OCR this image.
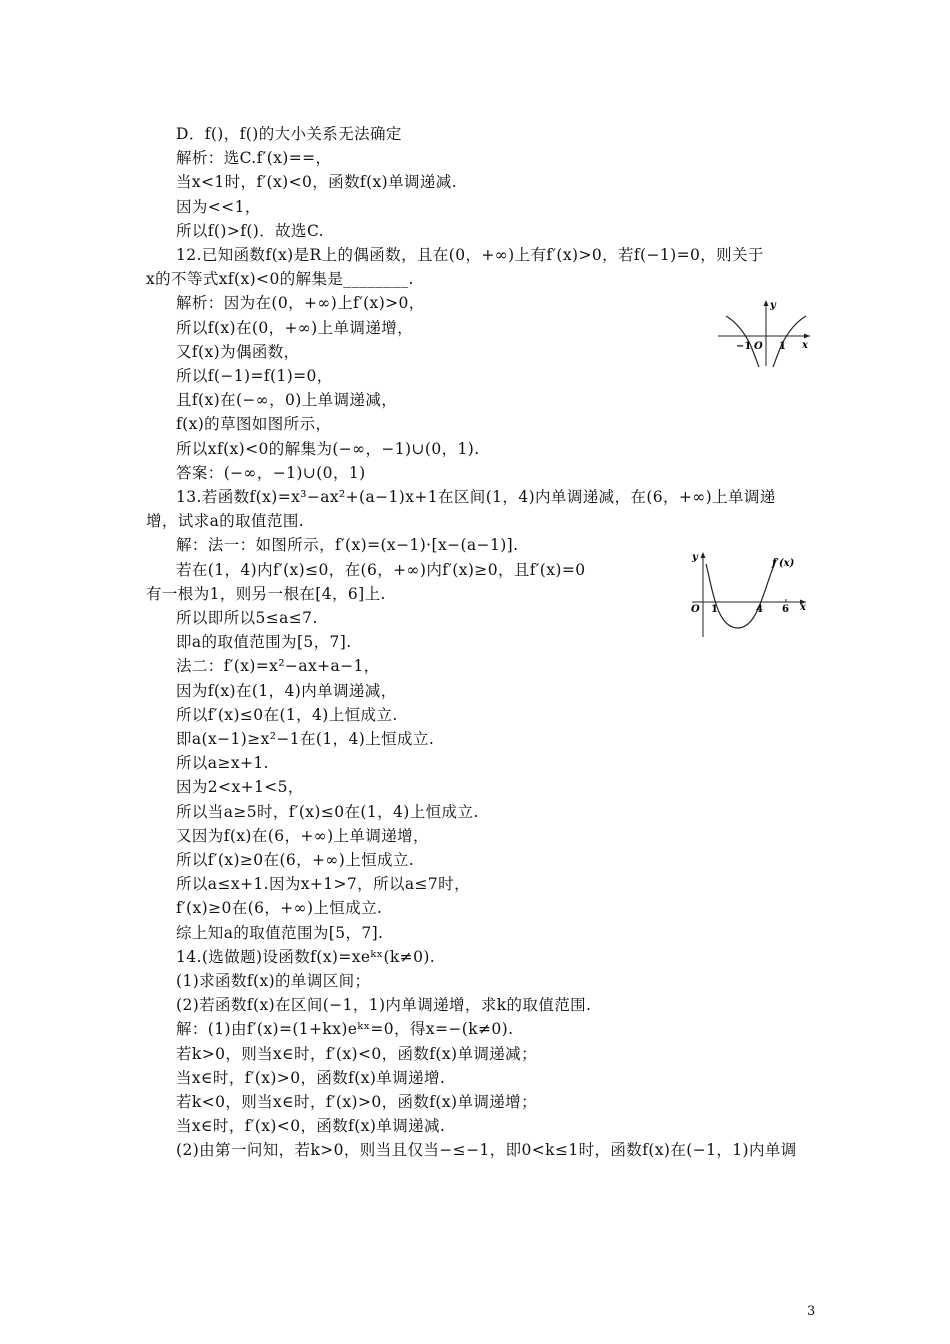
D．f()，f()的大小关系无法确定
解析：选C.f′(x)==，
当x<1时，f′(x)<0，函数f(x)单调递减.
因为<<1，
所以f()>f()．故选C.
12.已知函数f(x)是R上的偶函数，且在(0，+∞)上有f′(x)>0，若f(−1)=0，则关于
x的不等式xf(x)<0的解集是________.
解析：因为在(0，+∞)上f′(x)>0，
所以f(x)在(0，+∞)上单调递增，
又f(x)为偶函数，
所以f(−1)=f(1)=0，
且f(x)在(−∞，0)上单调递减，
f(x)的草图如图所示，
所以xf(x)<0的解集为(−∞，−1)∪(0，1).
答案：(−∞，−1)∪(0，1)
13.若函数f(x)=x³−ax²+(a−1)x+1在区间(1，4)内单调递减，在(6，+∞)上单调递
增，试求a的取值范围.
解：法一：如图所示，f′(x)=(x−1)·[x−(a−1)].
若在(1，4)内f′(x)≤0，在(6，+∞)内f′(x)≥0，且f′(x)=0
有一根为1，则另一根在[4，6]上.
所以即所以5≤a≤7.
即a的取值范围为[5，7].
法二：f′(x)=x²−ax+a−1，
因为f(x)在(1，4)内单调递减，
所以f′(x)≤0在(1，4)上恒成立.
即a(x−1)≥x²−1在(1，4)上恒成立.
所以a≥x+1.
因为2<x+1<5，
所以当a≥5时，f′(x)≤0在(1，4)上恒成立.
又因为f(x)在(6，+∞)上单调递增，
所以f′(x)≥0在(6，+∞)上恒成立.
所以a≤x+1.因为x+1>7，所以a≤7时，
f′(x)≥0在(6，+∞)上恒成立.
综上知a的取值范围为[5，7].
14.(选做题)设函数f(x)=xeᵏˣ(k≠0).
(1)求函数f(x)的单调区间；
(2)若函数f(x)在区间(−1，1)内单调递增，求k的取值范围.
解：(1)由f′(x)=(1+kx)eᵏˣ=0，得x=−(k≠0).
若k>0，则当x∈时，f′(x)<0，函数f(x)单调递减；
当x∈时，f′(x)>0，函数f(x)单调递增.
若k<0，则当x∈时，f′(x)>0，函数f(x)单调递增；
当x∈时，f′(x)<0，函数f(x)单调递减.
(2)由第一问知，若k>0，则当且仅当−≤−1，即0<k≤1时，函数f(x)在(−1，1)内单调
y
x
−1 O 1
f′(x)
y
x
O 1	4 6
3
